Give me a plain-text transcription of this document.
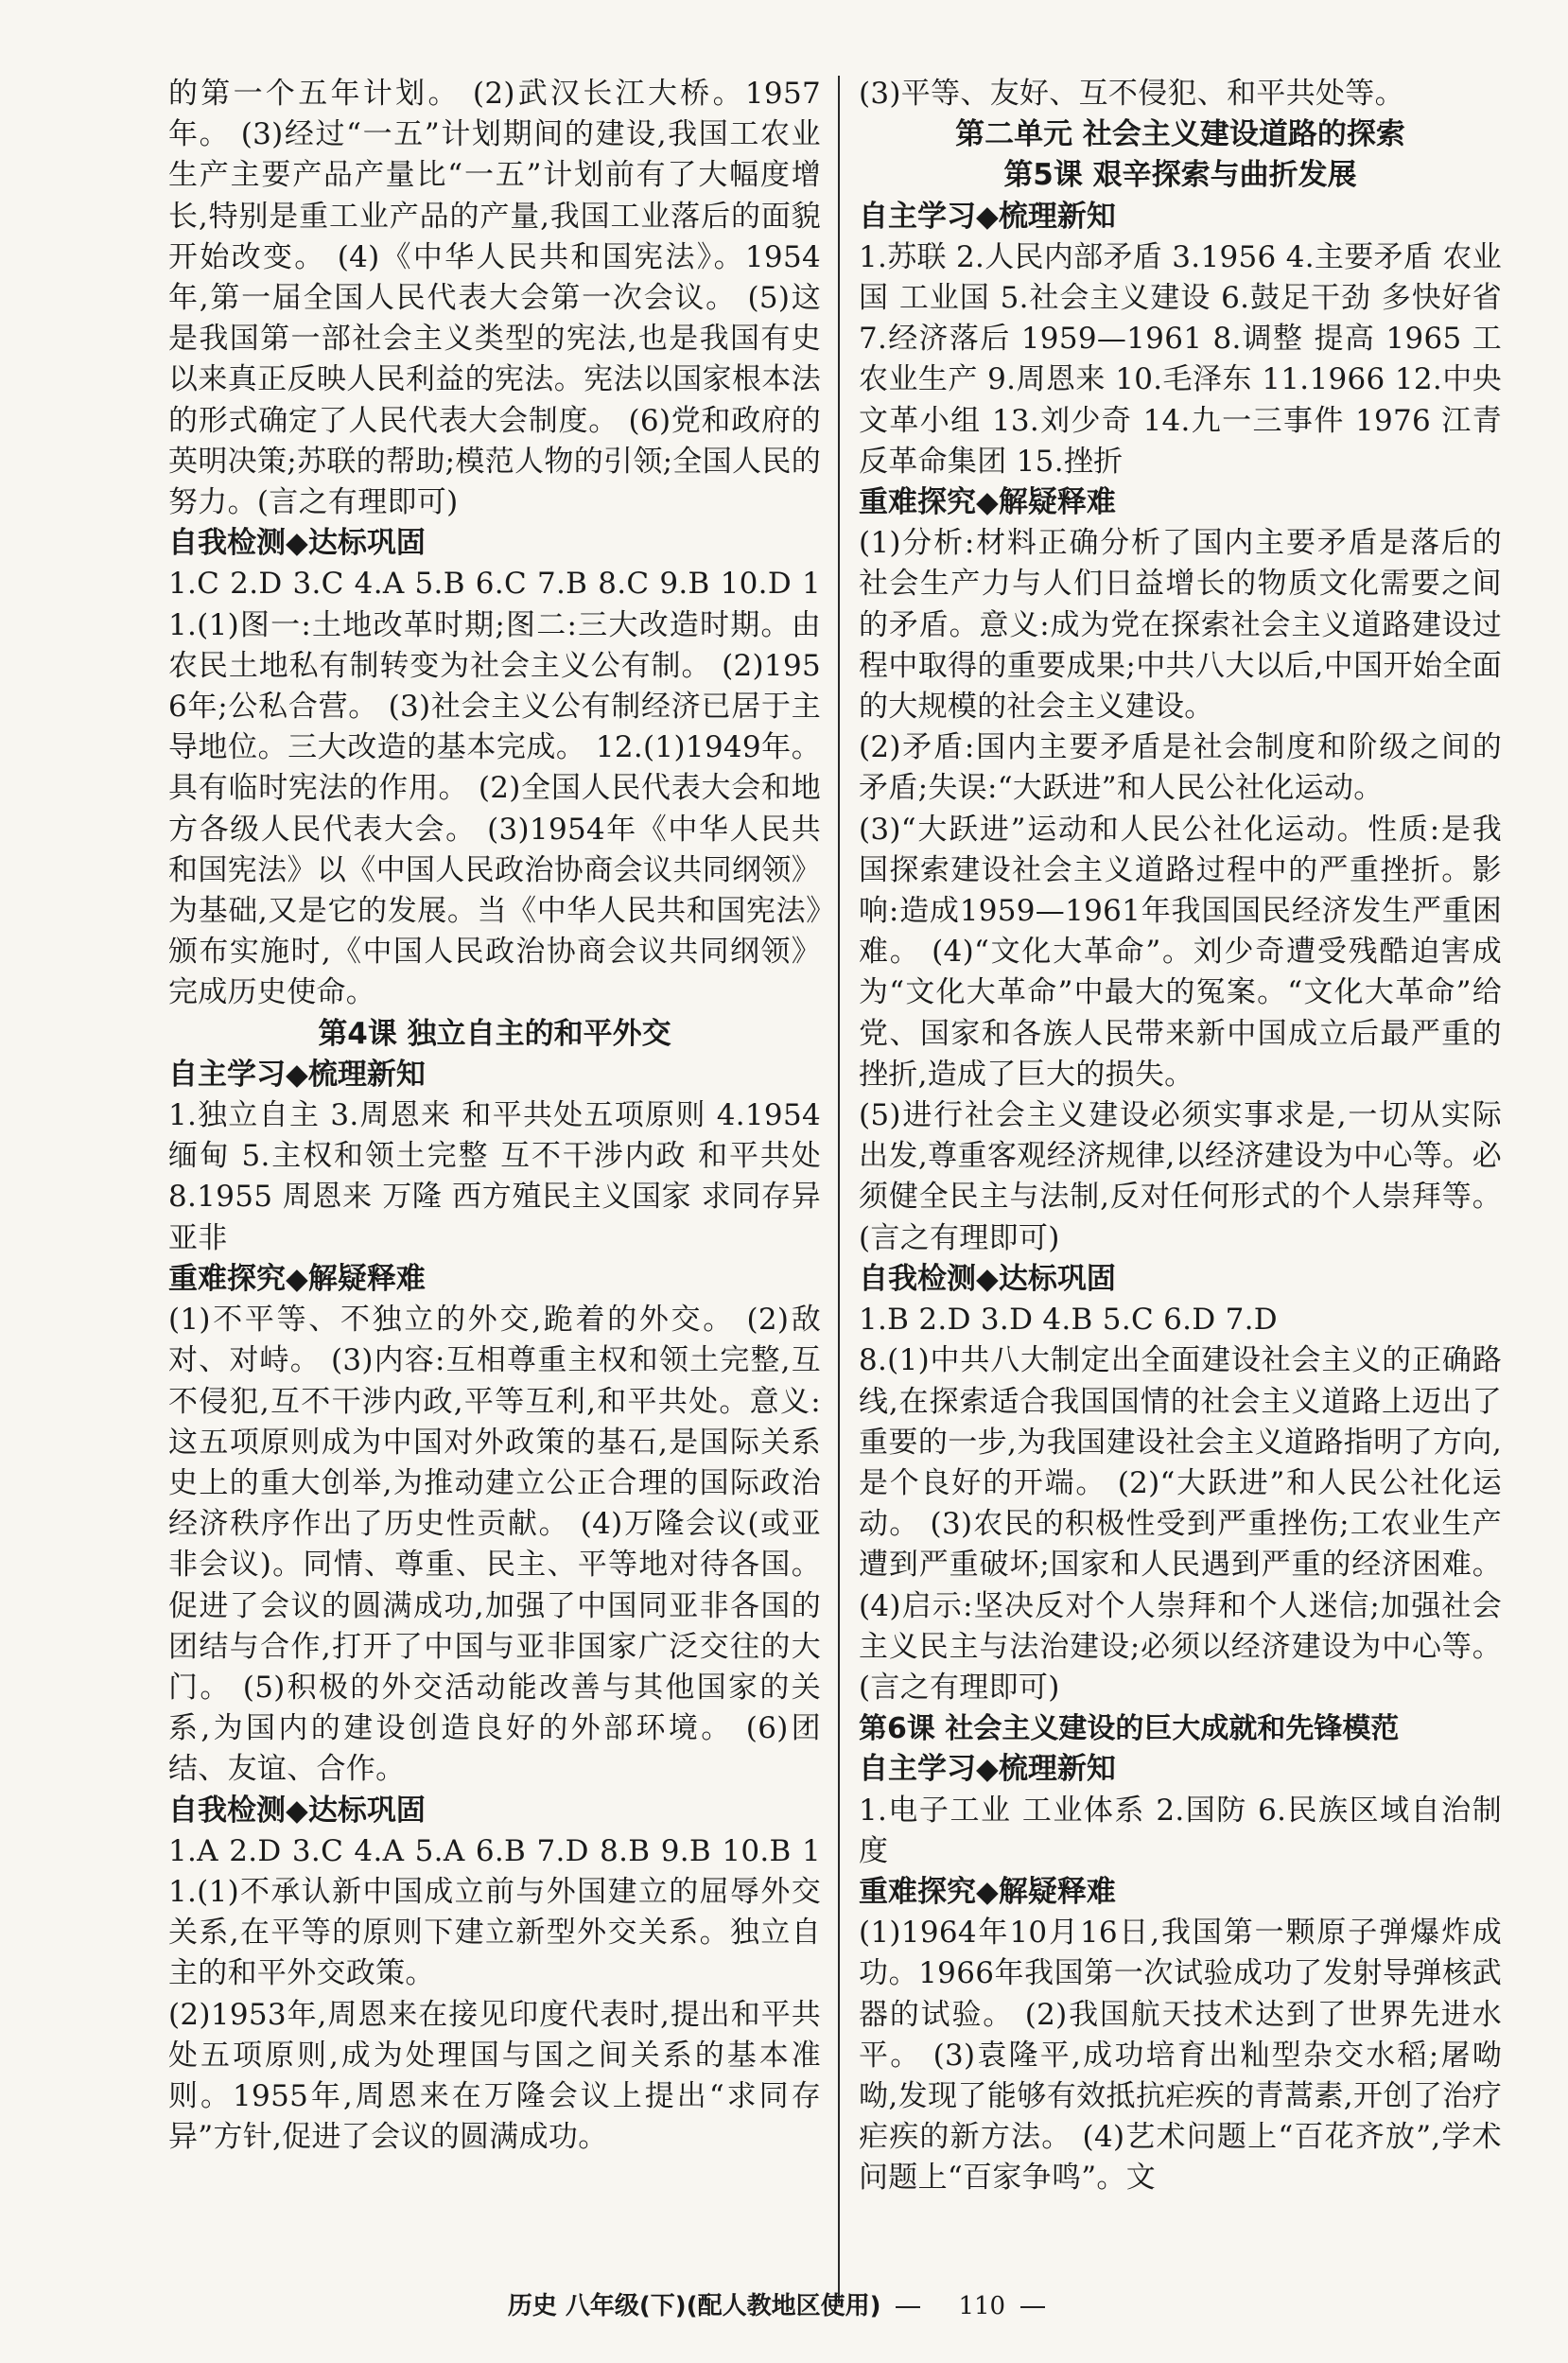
的第一个五年计划。 (2)武汉长江大桥。1957年。 (3)经过“一五”计划期间的建设,我国工农业生产主要产品产量比“一五”计划前有了大幅度增长,特别是重工业产品的产量,我国工业落后的面貌开始改变。 (4)《中华人民共和国宪法》。1954年,第一届全国人民代表大会第一次会议。 (5)这是我国第一部社会主义类型的宪法,也是我国有史以来真正反映人民利益的宪法。宪法以国家根本法的形式确定了人民代表大会制度。 (6)党和政府的英明决策;苏联的帮助;模范人物的引领;全国人民的努力。(言之有理即可)

自我检测◆达标巩固

1.C 2.D 3.C 4.A 5.B 6.C 7.B 8.C 9.B 10.D 11.(1)图一:土地改革时期;图二:三大改造时期。由农民土地私有制转变为社会主义公有制。 (2)1956年;公私合营。 (3)社会主义公有制经济已居于主导地位。三大改造的基本完成。 12.(1)1949年。具有临时宪法的作用。 (2)全国人民代表大会和地方各级人民代表大会。 (3)1954年《中华人民共和国宪法》以《中国人民政治协商会议共同纲领》为基础,又是它的发展。当《中华人民共和国宪法》颁布实施时,《中国人民政治协商会议共同纲领》完成历史使命。

第4课 独立自主的和平外交

自主学习◆梳理新知

1.独立自主 3.周恩来 和平共处五项原则 4.1954 缅甸 5.主权和领土完整 互不干涉内政 和平共处 8.1955 周恩来 万隆 西方殖民主义国家 求同存异 亚非

重难探究◆解疑释难

(1)不平等、不独立的外交,跪着的外交。 (2)敌对、对峙。 (3)内容:互相尊重主权和领土完整,互不侵犯,互不干涉内政,平等互利,和平共处。意义:这五项原则成为中国对外政策的基石,是国际关系史上的重大创举,为推动建立公正合理的国际政治经济秩序作出了历史性贡献。 (4)万隆会议(或亚非会议)。同情、尊重、民主、平等地对待各国。促进了会议的圆满成功,加强了中国同亚非各国的团结与合作,打开了中国与亚非国家广泛交往的大门。 (5)积极的外交活动能改善与其他国家的关系,为国内的建设创造良好的外部环境。 (6)团结、友谊、合作。

自我检测◆达标巩固

1.A 2.D 3.C 4.A 5.A 6.B 7.D 8.B 9.B 10.B 11.(1)不承认新中国成立前与外国建立的屈辱外交关系,在平等的原则下建立新型外交关系。独立自主的和平外交政策。

(2)1953年,周恩来在接见印度代表时,提出和平共处五项原则,成为处理国与国之间关系的基本准则。1955年,周恩来在万隆会议上提出“求同存异”方针,促进了会议的圆满成功。

(3)平等、友好、互不侵犯、和平共处等。

第二单元 社会主义建设道路的探索

第5课 艰辛探索与曲折发展

自主学习◆梳理新知

1.苏联 2.人民内部矛盾 3.1956 4.主要矛盾 农业国 工业国 5.社会主义建设 6.鼓足干劲 多快好省 7.经济落后 1959—1961 8.调整 提高 1965 工农业生产 9.周恩来 10.毛泽东 11.1966 12.中央文革小组 13.刘少奇 14.九一三事件 1976 江青反革命集团 15.挫折

重难探究◆解疑释难

(1)分析:材料正确分析了国内主要矛盾是落后的社会生产力与人们日益增长的物质文化需要之间的矛盾。意义:成为党在探索社会主义道路建设过程中取得的重要成果;中共八大以后,中国开始全面的大规模的社会主义建设。

(2)矛盾:国内主要矛盾是社会制度和阶级之间的矛盾;失误:“大跃进”和人民公社化运动。

(3)“大跃进”运动和人民公社化运动。性质:是我国探索建设社会主义道路过程中的严重挫折。影响:造成1959—1961年我国国民经济发生严重困难。 (4)“文化大革命”。刘少奇遭受残酷迫害成为“文化大革命”中最大的冤案。“文化大革命”给党、国家和各族人民带来新中国成立后最严重的挫折,造成了巨大的损失。

(5)进行社会主义建设必须实事求是,一切从实际出发,尊重客观经济规律,以经济建设为中心等。必须健全民主与法制,反对任何形式的个人崇拜等。(言之有理即可)

自我检测◆达标巩固

1.B 2.D 3.D 4.B 5.C 6.D 7.D

8.(1)中共八大制定出全面建设社会主义的正确路线,在探索适合我国国情的社会主义道路上迈出了重要的一步,为我国建设社会主义道路指明了方向,是个良好的开端。 (2)“大跃进”和人民公社化运动。 (3)农民的积极性受到严重挫伤;工农业生产遭到严重破坏;国家和人民遇到严重的经济困难。 (4)启示:坚决反对个人崇拜和个人迷信;加强社会主义民主与法治建设;必须以经济建设为中心等。(言之有理即可)

第6课 社会主义建设的巨大成就和先锋模范

自主学习◆梳理新知

1.电子工业 工业体系 2.国防 6.民族区域自治制度

重难探究◆解疑释难

(1)1964年10月16日,我国第一颗原子弹爆炸成功。1966年我国第一次试验成功了发射导弹核武器的试验。 (2)我国航天技术达到了世界先进水平。 (3)袁隆平,成功培育出籼型杂交水稻;屠呦呦,发现了能够有效抵抗疟疾的青蒿素,开创了治疗疟疾的新方法。 (4)艺术问题上“百花齐放”,学术问题上“百家争鸣”。文

历史 八年级(下)(配人教地区使用)	110
